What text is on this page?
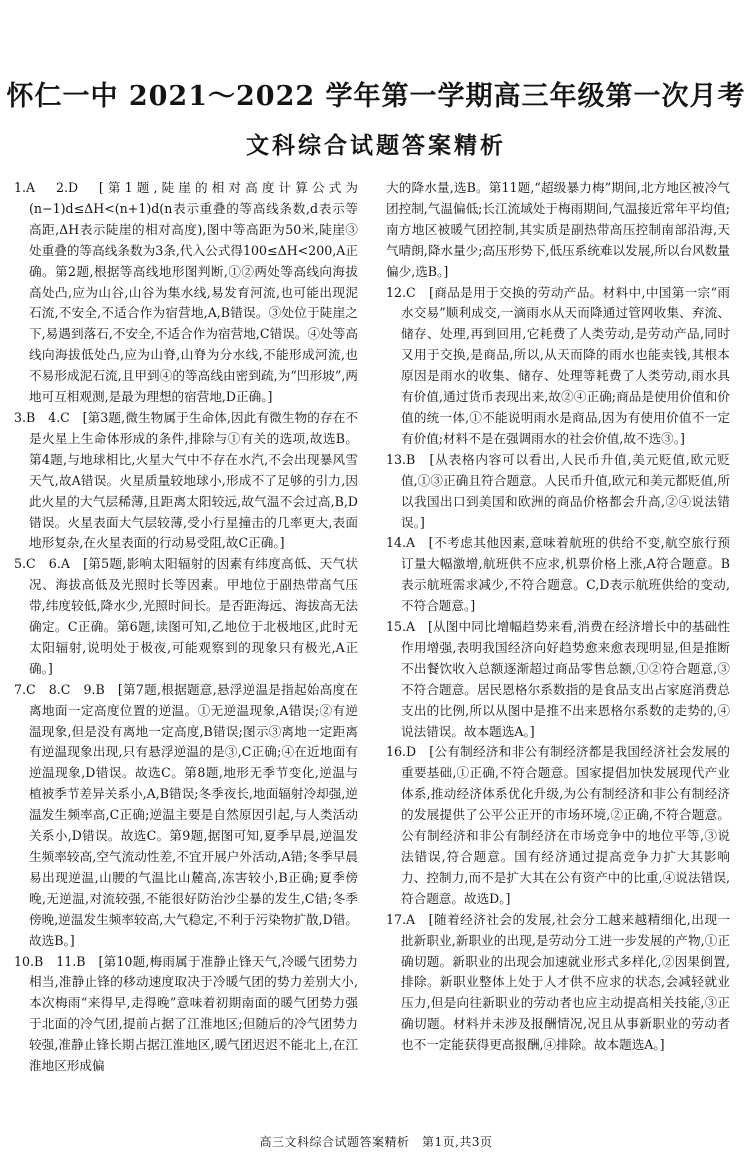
怀仁一中 2021～2022 学年第一学期高三年级第一次月考
文科综合试题答案精析

1.A　2.D　[第1题,陡崖的相对高度计算公式为(n−1)d≤ΔH<(n+1)d(n表示重叠的等高线条数,d表示等高距,ΔH表示陡崖的相对高度),图中等高距为50米,陡崖③处重叠的等高线条数为3条,代入公式得100≤ΔH<200,A正确。第2题,根据等高线地形图判断,①②两处等高线向海拔高处凸,应为山谷,山谷为集水线,易发育河流,也可能出现泥石流,不安全,不适合作为宿营地,A,B错误。③处位于陡崖之下,易遇到落石,不安全,不适合作为宿营地,C错误。④处等高线向海拔低处凸,应为山脊,山脊为分水线,不能形成河流,也不易形成泥石流,且甲到④的等高线由密到疏,为“凹形坡”,两地可互相观测,是最为理想的宿营地,D正确。]

3.B　4.C　[第3题,微生物属于生命体,因此有微生物的存在不是火星上生命体形成的条件,排除与①有关的选项,故选B。第4题,与地球相比,火星大气中不存在水汽,不会出现暴风雪天气,故A错误。火星质量较地球小,形成不了足够的引力,因此火星的大气层稀薄,且距离太阳较远,故气温不会过高,B,D错误。火星表面大气层较薄,受小行星撞击的几率更大,表面地形复杂,在火星表面的行动易受阻,故C正确。]

5.C　6.A　[第5题,影响太阳辐射的因素有纬度高低、天气状况、海拔高低及光照时长等因素。甲地位于副热带高气压带,纬度较低,降水少,光照时间长。是否距海远、海拔高无法确定。C正确。第6题,读图可知,乙地位于北极地区,此时无太阳辐射,说明处于极夜,可能观察到的现象只有极光,A正确。]

7.C　8.C　9.B　[第7题,根据题意,悬浮逆温是指起始高度在离地面一定高度位置的逆温。①无逆温现象,A错误;②有逆温现象,但是没有离地一定高度,B错误;图示③离地一定距离有逆温现象出现,只有悬浮逆温的是③,C正确;④在近地面有逆温现象,D错误。故选C。第8题,地形无季节变化,逆温与植被季节差异关系小,A,B错误;冬季夜长,地面辐射冷却强,逆温发生频率高,C正确;逆温主要是自然原因引起,与人类活动关系小,D错误。故选C。第9题,据图可知,夏季早晨,逆温发生频率较高,空气流动性差,不宜开展户外活动,A错;冬季早晨易出现逆温,山腰的气温比山麓高,冻害较小,B正确;夏季傍晚,无逆温,对流较强,不能很好防治沙尘暴的发生,C错;冬季傍晚,逆温发生频率较高,大气稳定,不利于污染物扩散,D错。故选B。]

10.B　11.B　[第10题,梅雨属于准静止锋天气,冷暖气团势力相当,准静止锋的移动速度取决于冷暖气团的势力差别大小,本次梅雨“来得早,走得晚”意味着初期南面的暖气团势力强于北面的冷气团,提前占据了江淮地区;但随后的冷气团势力较强,准静止锋长期占据江淮地区,暖气团迟迟不能北上,在江淮地区形成偏

大的降水量,选B。第11题,“超级暴力梅”期间,北方地区被冷气团控制,气温偏低;长江流域处于梅雨期间,气温接近常年平均值;南方地区被暖气团控制,其实质是副热带高压控制南部沿海,天气晴朗,降水量少;高压形势下,低压系统难以发展,所以台风数量偏少,选B。]

12.C　[商品是用于交换的劳动产品。材料中,中国第一宗“雨水交易”顺利成交,一滴雨水从天而降通过管网收集、弃流、储存、处理,再到回用,它耗费了人类劳动,是劳动产品,同时又用于交换,是商品,所以,从天而降的雨水也能卖钱,其根本原因是雨水的收集、储存、处理等耗费了人类劳动,雨水具有价值,通过货币表现出来,故②④正确;商品是使用价值和价值的统一体,①不能说明雨水是商品,因为有使用价值不一定有价值;材料不是在强调雨水的社会价值,故不选③。]

13.B　[从表格内容可以看出,人民币升值,美元贬值,欧元贬值,①③正确且符合题意。人民币升值,欧元和美元都贬值,所以我国出口到美国和欧洲的商品价格都会升高,②④说法错误。]

14.A　[不考虑其他因素,意味着航班的供给不变,航空旅行预订量大幅激增,航班供不应求,机票价格上涨,A符合题意。B表示航班需求减少,不符合题意。C,D表示航班供给的变动,不符合题意。]

15.A　[从图中同比增幅趋势来看,消费在经济增长中的基础性作用增强,表明我国经济向好趋势愈来愈表现明显,但是推断不出餐饮收入总额逐渐超过商品零售总额,①②符合题意,③不符合题意。居民恩格尔系数指的是食品支出占家庭消费总支出的比例,所以从图中是推不出来恩格尔系数的走势的,④说法错误。故本题选A。]

16.D　[公有制经济和非公有制经济都是我国经济社会发展的重要基础,①正确,不符合题意。国家提倡加快发展现代产业体系,推动经济体系优化升级,为公有制经济和非公有制经济的发展提供了公平公正开的市场环境,②正确,不符合题意。公有制经济和非公有制经济在市场竞争中的地位平等,③说法错误,符合题意。国有经济通过提高竞争力扩大其影响力、控制力,而不是扩大其在公有资产中的比重,④说法错误,符合题意。故选D。]

17.A　[随着经济社会的发展,社会分工越来越精细化,出现一批新职业,新职业的出现,是劳动分工进一步发展的产物,①正确切题。新职业的出现会加速就业形式多样化,②因果倒置,排除。新职业整体上处于人才供不应求的状态,会减轻就业压力,但是向往新职业的劳动者也应主动提高相关技能,③正确切题。材料并未涉及报酬情况,况且从事新职业的劳动者也不一定能获得更高报酬,④排除。故本题选A。]

高三文科综合试题答案精析　第1页,共3页
